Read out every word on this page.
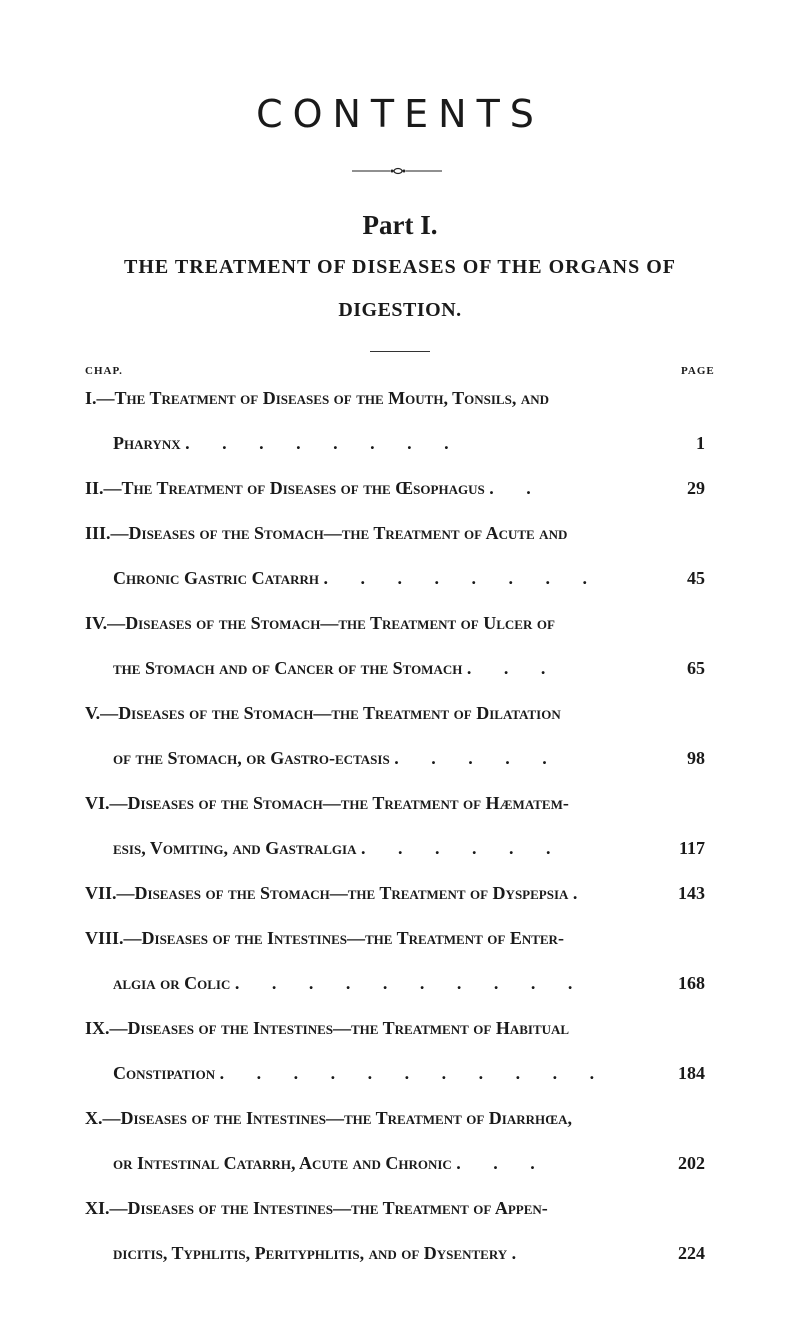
CONTENTS
Part I.
THE TREATMENT OF DISEASES OF THE ORGANS OF
DIGESTION.
CHAP.	PAGE
I.—The Treatment of Diseases of the Mouth, Tonsils, and
Pharynx . . . . . . . .	1
II.—The Treatment of Diseases of the Œsophagus . .	29
III.—Diseases of the Stomach—the Treatment of Acute and
Chronic Gastric Catarrh . . . . . . . .	45
IV.—Diseases of the Stomach—the Treatment of Ulcer of
the Stomach and of Cancer of the Stomach . . .	65
V.—Diseases of the Stomach—the Treatment of Dilatation
of the Stomach, or Gastro-ectasis . . . . .	98
VI.—Diseases of the Stomach—the Treatment of Hæmatem-
esis, Vomiting, and Gastralgia . . . . . .	117
VII.—Diseases of the Stomach—the Treatment of Dyspepsia .	143
VIII.—Diseases of the Intestines—the Treatment of Enter-
algia or Colic . . . . . . . . . .	168
IX.—Diseases of the Intestines—the Treatment of Habitual
Constipation . . . . . . . . . . .	184
X.—Diseases of the Intestines—the Treatment of Diarrhœa,
or Intestinal Catarrh, Acute and Chronic . . .	202
XI.—Diseases of the Intestines—the Treatment of Appen-
dicitis, Typhlitis, Perityphlitis, and of Dysentery .	224
